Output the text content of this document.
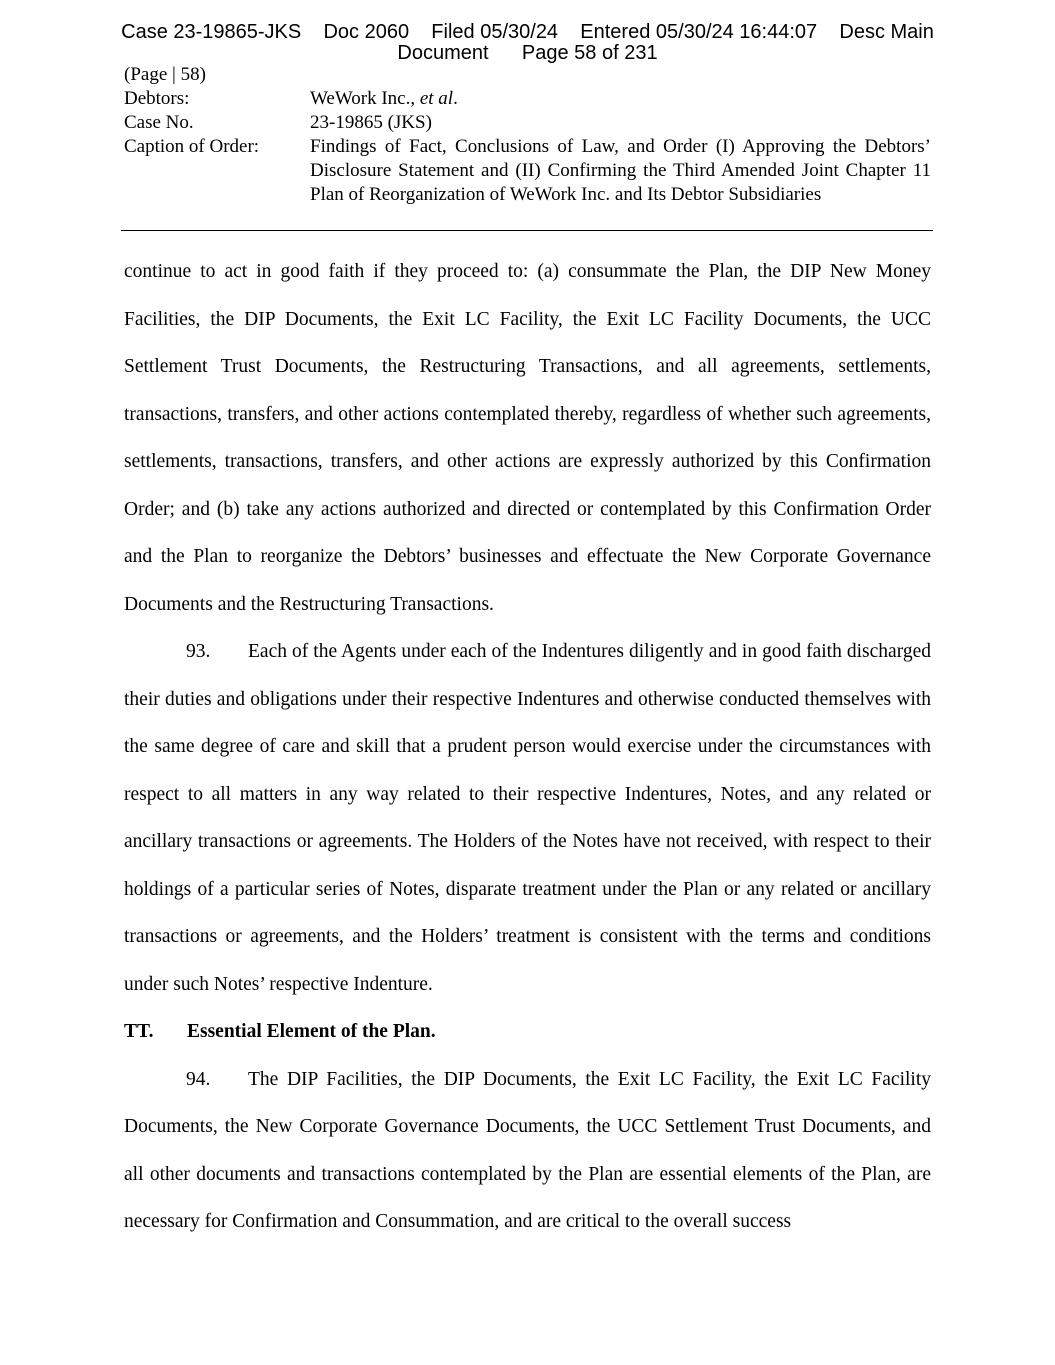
Case 23-19865-JKS    Doc 2060    Filed 05/30/24    Entered 05/30/24 16:44:07    Desc Main
Document      Page 58 of 231
(Page | 58)
Debtors:	WeWork Inc., et al.
Case No.	23-19865 (JKS)
Caption of Order:	Findings of Fact, Conclusions of Law, and Order (I) Approving the Debtors’ Disclosure Statement and (II) Confirming the Third Amended Joint Chapter 11 Plan of Reorganization of WeWork Inc. and Its Debtor Subsidiaries

continue to act in good faith if they proceed to: (a) consummate the Plan, the DIP New Money Facilities, the DIP Documents, the Exit LC Facility, the Exit LC Facility Documents, the UCC Settlement Trust Documents, the Restructuring Transactions, and all agreements, settlements, transactions, transfers, and other actions contemplated thereby, regardless of whether such agreements, settlements, transactions, transfers, and other actions are expressly authorized by this Confirmation Order; and (b) take any actions authorized and directed or contemplated by this Confirmation Order and the Plan to reorganize the Debtors’ businesses and effectuate the New Corporate Governance Documents and the Restructuring Transactions.

93. Each of the Agents under each of the Indentures diligently and in good faith discharged their duties and obligations under their respective Indentures and otherwise conducted themselves with the same degree of care and skill that a prudent person would exercise under the circumstances with respect to all matters in any way related to their respective Indentures, Notes, and any related or ancillary transactions or agreements. The Holders of the Notes have not received, with respect to their holdings of a particular series of Notes, disparate treatment under the Plan or any related or ancillary transactions or agreements, and the Holders’ treatment is consistent with the terms and conditions under such Notes’ respective Indenture.

TT. Essential Element of the Plan.

94. The DIP Facilities, the DIP Documents, the Exit LC Facility, the Exit LC Facility Documents, the New Corporate Governance Documents, the UCC Settlement Trust Documents, and all other documents and transactions contemplated by the Plan are essential elements of the Plan, are necessary for Confirmation and Consummation, and are critical to the overall success
